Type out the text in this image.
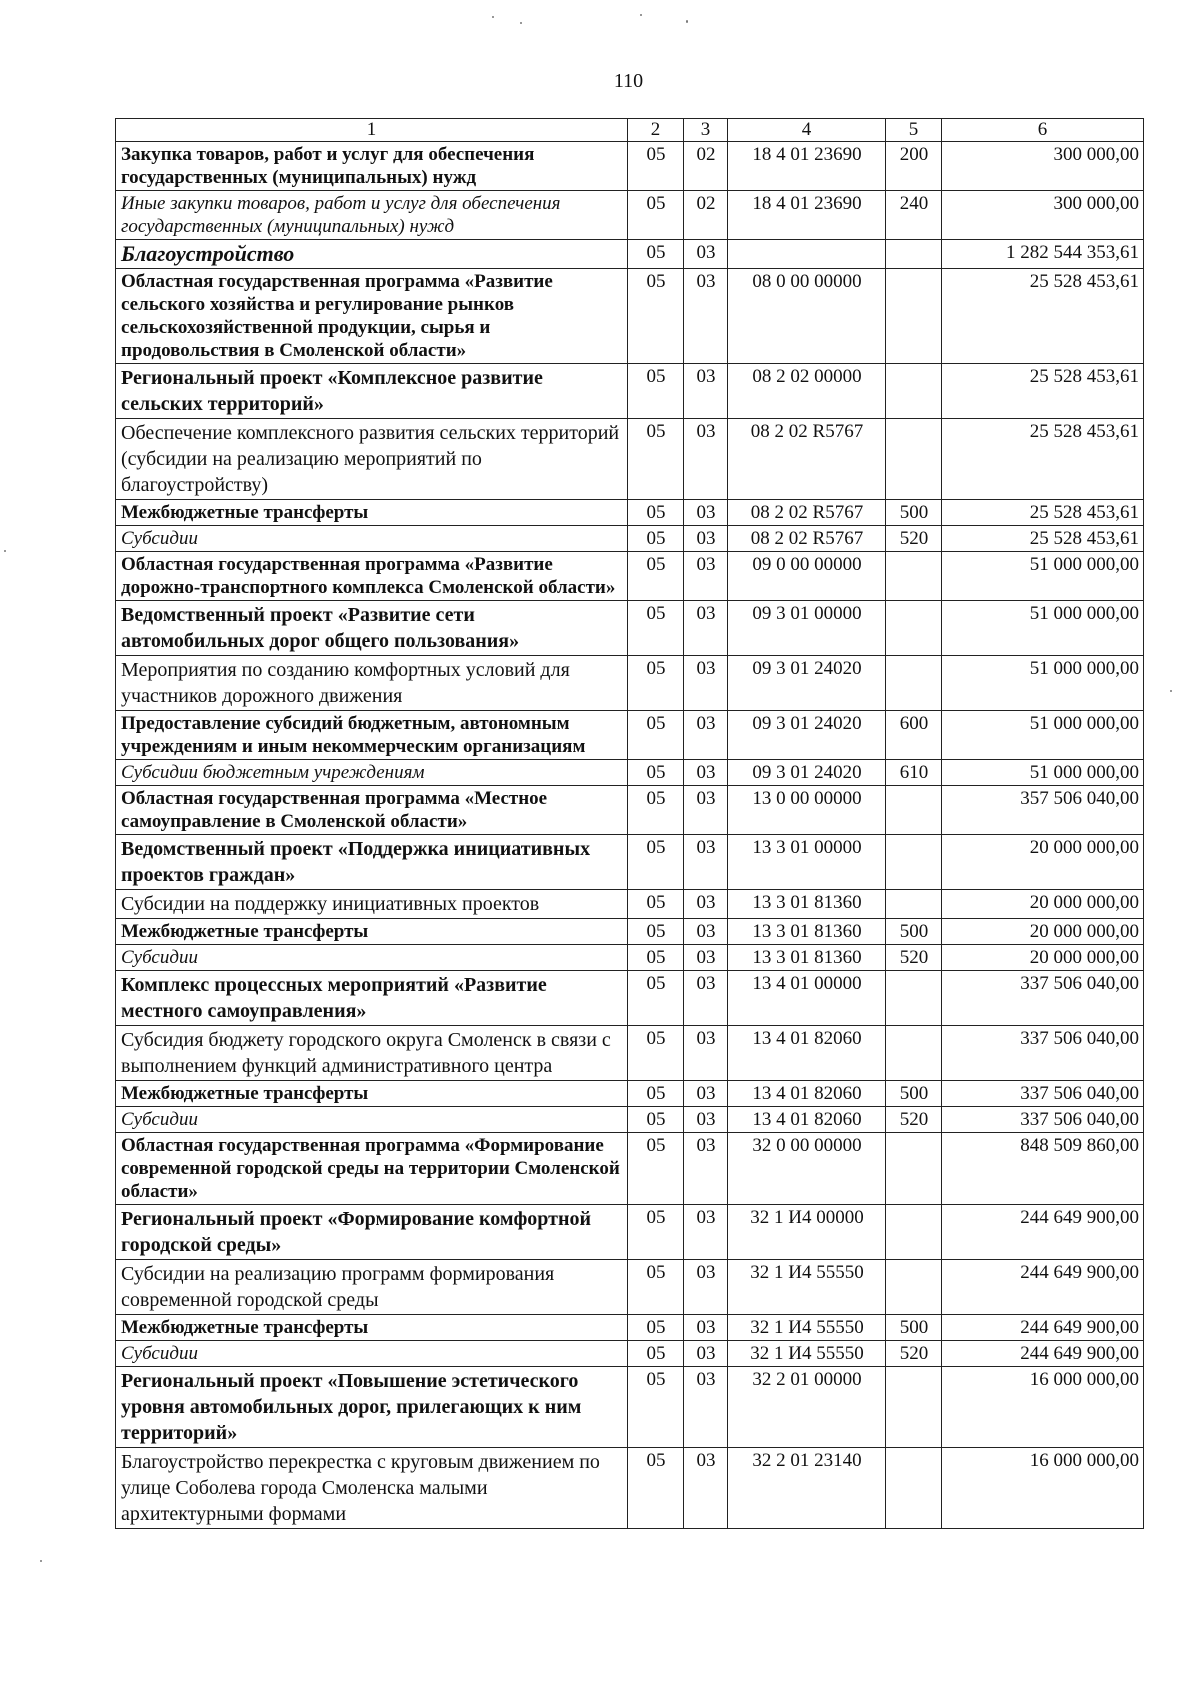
110
1	2	3	4	5	6
Закупка товаров, работ и услуг для обеспечения государственных (муниципальных) нужд	05	02	18 4 01 23690	200	300 000,00
Иные закупки товаров, работ и услуг для обеспечения государственных (муниципальных) нужд	05	02	18 4 01 23690	240	300 000,00
Благоустройство	05	03			1 282 544 353,61
Областная государственная программа «Развитие сельского хозяйства и регулирование рынков сельскохозяйственной продукции, сырья и продовольствия в Смоленской области»	05	03	08 0 00 00000		25 528 453,61
Региональный проект «Комплексное развитие сельских территорий»	05	03	08 2 02 00000		25 528 453,61
Обеспечение комплексного развития сельских территорий (субсидии на реализацию мероприятий по благоустройству)	05	03	08 2 02 R5767		25 528 453,61
Межбюджетные трансферты	05	03	08 2 02 R5767	500	25 528 453,61
Субсидии	05	03	08 2 02 R5767	520	25 528 453,61
Областная государственная программа «Развитие дорожно-транспортного комплекса Смоленской области»	05	03	09 0 00 00000		51 000 000,00
Ведомственный проект «Развитие сети автомобильных дорог общего пользования»	05	03	09 3 01 00000		51 000 000,00
Мероприятия по созданию комфортных условий для участников дорожного движения	05	03	09 3 01 24020		51 000 000,00
Предоставление субсидий бюджетным, автономным учреждениям и иным некоммерческим организациям	05	03	09 3 01 24020	600	51 000 000,00
Субсидии бюджетным учреждениям	05	03	09 3 01 24020	610	51 000 000,00
Областная государственная программа «Местное самоуправление в Смоленской области»	05	03	13 0 00 00000		357 506 040,00
Ведомственный проект «Поддержка инициативных проектов граждан»	05	03	13 3 01 00000		20 000 000,00
Субсидии на поддержку инициативных проектов	05	03	13 3 01 81360		20 000 000,00
Межбюджетные трансферты	05	03	13 3 01 81360	500	20 000 000,00
Субсидии	05	03	13 3 01 81360	520	20 000 000,00
Комплекс процессных мероприятий «Развитие местного самоуправления»	05	03	13 4 01 00000		337 506 040,00
Субсидия бюджету городского округа Смоленск в связи с выполнением функций административного центра	05	03	13 4 01 82060		337 506 040,00
Межбюджетные трансферты	05	03	13 4 01 82060	500	337 506 040,00
Субсидии	05	03	13 4 01 82060	520	337 506 040,00
Областная государственная программа «Формирование современной городской среды на территории Смоленской области»	05	03	32 0 00 00000		848 509 860,00
Региональный проект «Формирование комфортной городской среды»	05	03	32 1 И4 00000		244 649 900,00
Субсидии на реализацию программ формирования современной городской среды	05	03	32 1 И4 55550		244 649 900,00
Межбюджетные трансферты	05	03	32 1 И4 55550	500	244 649 900,00
Субсидии	05	03	32 1 И4 55550	520	244 649 900,00
Региональный проект «Повышение эстетического уровня автомобильных дорог, прилегающих к ним территорий»	05	03	32 2 01 00000		16 000 000,00
Благоустройство перекрестка с круговым движением по улице Соболева города Смоленска малыми архитектурными формами	05	03	32 2 01 23140		16 000 000,00
